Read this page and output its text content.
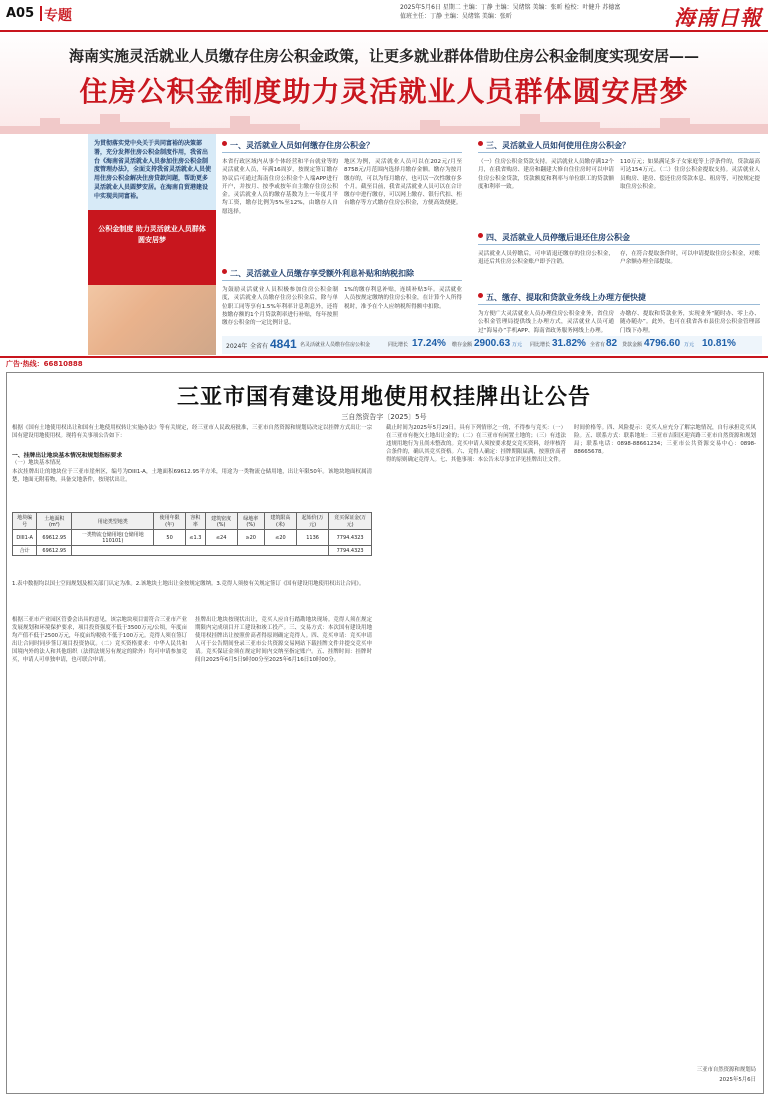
A05 专题
2025年5月6日 星期二 主编：丁静 主编：吴绪铭 美编：张昕 检校：叶健升 苏德富
值班主任：丁静 主编：吴绪铭 美编：张昕	海南日報
海南实施灵活就业人员缴存住房公积金政策，让更多就业群体借助住房公积金制度实现安居——
住房公积金制度助力灵活就业人员群体圆安居梦
为贯彻落实党中央关于共同富裕的决策部署，充分发挥住房公积金制度作用，我省出台《海南省灵活就业人员参加住房公积金制度管理办法》，全面支持我省灵活就业人员使用住房公积金解决住房贷款问题，帮助更多灵活就业人员圆梦安居。在海南自贸港建设中实现共同富裕。
公积金制度 助力灵活就业人员群体圆安居梦
一、灵活就业人员如何缴存住房公积金？
本省行政区域内从事个体经营和平台就业等的灵活就业人员，年满16周岁，按规定签订缴存协议后可通过海南住房公积金个人端APP进行开户，并按月、按季或按年自主缴存住房公积金。灵活就业人员的缴存基数为上一年度月平均工资，缴存比例为5%至12%，由缴存人自愿选择。
地区为例，灵活就业人员可以在202元/月至8758元/月范围内选择月缴存金额。缴存为按月缴存的，可以为每月缴存，也可以一次性缴存多个月。截至目前，我省灵活就业人员可以在合计缴存中进行缴存，可以网上缴存、银行代扣、柜台缴存等方式缴存住房公积金，方便高效便捷。
二、灵活就业人员缴存享受额外利息补贴和纳税扣除
为鼓励灵活就业人员积极参加住房公积金制度，灵活就业人员缴存住房公积金后，除与单位职工同等享有1.5%年利率计息利息外，还将按缴存额的1个月贷款利率进行补贴，每年按照缴存公积金的一定比例计息。
1%的缴存利息补贴，连续补贴3年。灵活就业人员按规定缴纳的住房公积金，在计算个人所得税时，准予在个人应纳税所得额中扣除。
三、灵活就业人员如何使用住房公积金？
（一）住房公积金贷款支持。灵活就业人员缴存满12个月，在我省购房、建房和翻建大修自住住房时可以申请住房公积金贷款，贷款额度和利率与单位职工的贷款额度和利率一致。
110万元；如果满足多子女家庭等上浮条件的，贷款最高可达154万元。（二）住房公积金提取支持。灵活就业人员购房、建房、偿还住房贷款本息、租房等，可按规定提取住房公积金。
四、灵活就业人员停缴后退还住房公积金
灵活就业人员停缴后，可申请退还缴存的住房公积金，退还后其住房公积金账户即予注销。
存，在符合提取条件时，可以申请提取住房公积金，对账户余额办理全部提取。
五、缴存、提取和贷款业务线上办理方便快捷
为方便广大灵活就业人员办理住房公积金业务，省住房公积金管理局提供线上办理方式，灵活就业人员可通过“海易办”手机APP、海南省政务服务网线上办理。
办缴存、提取和贷款业务，实现业务“随时办、零上办、随办随办”。此外，也可在我省各市县住房公积金管理部门线下办理。
2024年 全省有 4841 名灵活就业人员缴存住房公积金	同比增长 17.24% 缴存金额 2900.63 万元 同比增长 31.82% 全省有 82 贷款金额 4796.60 万元 10.81%
广告·热线：66810888
三亚市国有建设用地使用权挂牌出让公告
三自然资告字〔2025〕5号
根据《国有土地使用权出让和国有土地使用权转让实施办法》等有关规定，经三亚市人民政府批准，三亚市自然资源和规划局决定以挂牌方式出让一宗国有建设用地使用权。现将有关事项公告如下：
一、挂牌出让地块基本情况和规划指标要求
（一）地块基本情况
本次挂牌出让的地块位于三亚市崖州区，编号为DIII1-A，土地面积69612.95平方米，用途为一类物流仓储用地，出让年限50年。该地块地面权属清楚，地面无附着物，具备交地条件，按现状出让。
地块编号	土地面积(m²)	用途类型地类	使用年限(年)	容积率	建筑密度(%)	绿地率(%)	建筑限高(米)	起始价(万元)	竞买保证金(万元)
DIII1-A	69612.95	一类物流仓储用地(仓储用地110101)	50	≤1.3	≤24	≥20	≤20	1136	7794.4323
合计	69612.95								7794.4323
1.表中数据均以国土空间规划及相关部门认定为准。2.该地块土地出让金按规定缴纳。3.竞得人须按有关规定签订《国有建设用地使用权出让合同》。
根据三亚市产业园区管委会出具的意见，该宗地块项目需符合三亚市产业发展规划和环境保护要求，项目投资强度不低于3500万元/公顷，年度亩均产值不低于2500万元，年度亩均税收不低于100万元。竞得人须在签订出让合同时同步签订项目投资协议。（二）竞买资格要求：中华人民共和国境内外的法人和其他组织（法律法规另有规定的除外）均可申请参加竞买，申请人可单独申请，也可联合申请。
挂牌出让地块按现状出让，竞买人应自行踏勘地块现场。竞得人须在规定期限内完成项目开工建设和竣工投产。三、交易方式：本次国有建设用地使用权挂牌出让按照价高者得原则确定竞得人。四、竞买申请：竞买申请人可于公告期间登录三亚市公共资源交易网站下载挂牌文件并提交竞买申请。竞买保证金须在规定时间内交纳至指定账户。五、挂牌时间：挂牌时间自2025年6月5日9时00分至2025年6月16日10时00分。
截止时间为2025年5月29日。具有下列情形之一的，不得参与竞买：（一）在三亚市有拖欠土地出让金的；（二）在三亚市有闲置土地的；（三）有违法违规用地行为且尚未整改的。竞买申请人须按要求提交竞买资料，经审核符合条件的，确认其竞买资格。六、竞得人确定：挂牌期限届满，按照价高者得的原则确定竞得人。七、其他事项：本公告未尽事宜详见挂牌出让文件。
时间价格等。四、风险提示：竞买人应充分了解宗地情况，自行承担竞买风险。五、联系方式：联系地址：三亚市吉阳区迎宾路三亚市自然资源和规划局；联系电话：0898-88661234；三亚市公共资源交易中心：0898-88665678。
三亚市自然资源和规划局
2025年5月6日
